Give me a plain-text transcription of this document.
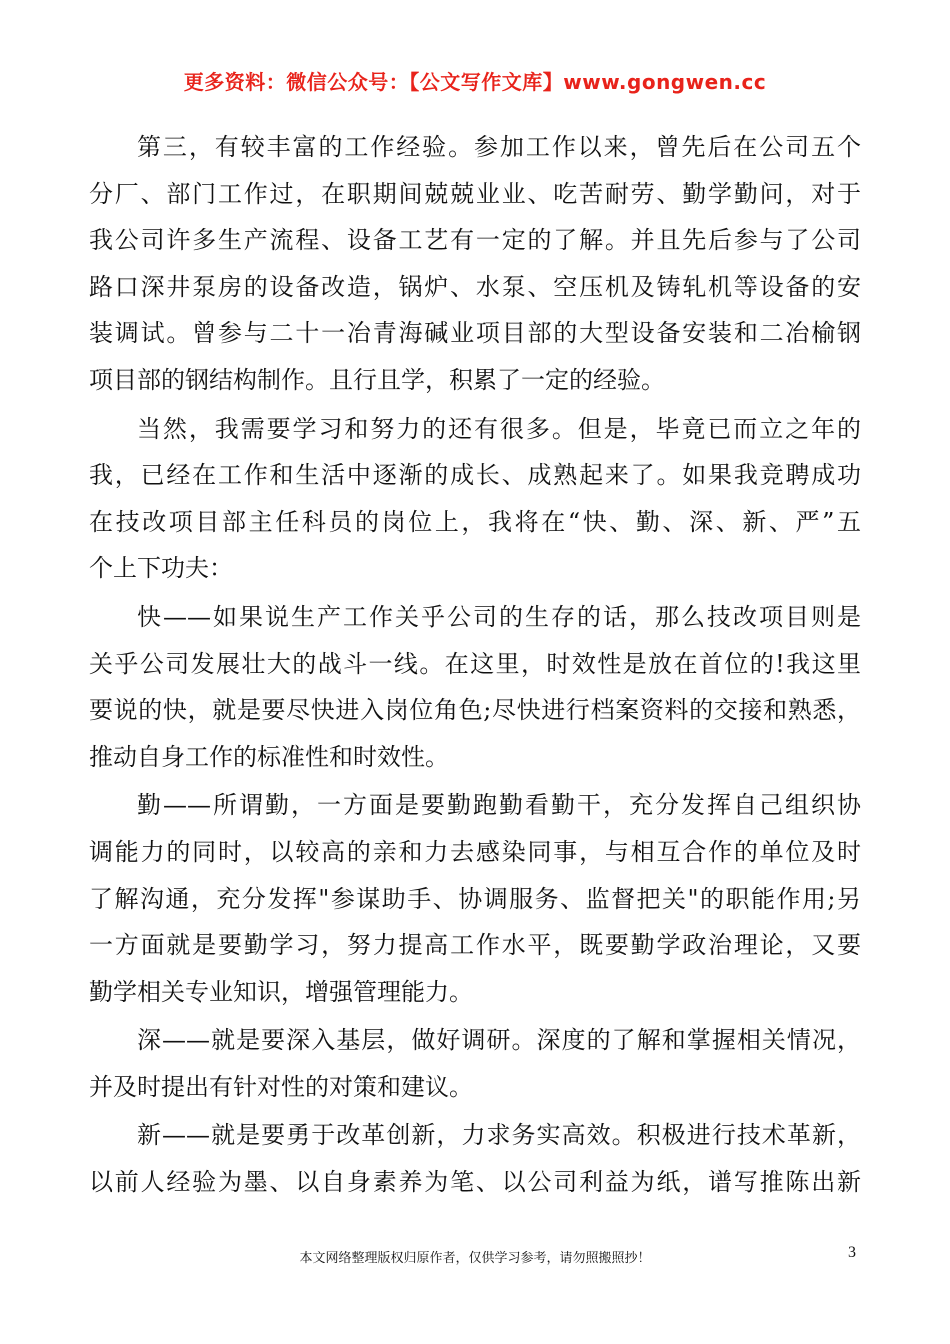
更多资料：微信公众号：【公文写作文库】www.gongwen.cc
第三，有较丰富的工作经验。参加工作以来，曾先后在公司五个
分厂、部门工作过，在职期间兢兢业业、吃苦耐劳、勤学勤问，对于
我公司许多生产流程、设备工艺有一定的了解。并且先后参与了公司
路口深井泵房的设备改造，锅炉、水泵、空压机及铸轧机等设备的安
装调试。曾参与二十一冶青海碱业项目部的大型设备安装和二冶榆钢
项目部的钢结构制作。且行且学，积累了一定的经验。
当然，我需要学习和努力的还有很多。但是，毕竟已而立之年的
我，已经在工作和生活中逐渐的成长、成熟起来了。如果我竞聘成功
在技改项目部主任科员的岗位上，我将在“快、勤、深、新、严”五
个上下功夫：
快——如果说生产工作关乎公司的生存的话，那么技改项目则是
关乎公司发展壮大的战斗一线。在这里，时效性是放在首位的!我这里
要说的快，就是要尽快进入岗位角色;尽快进行档案资料的交接和熟悉，
推动自身工作的标准性和时效性。
勤——所谓勤，一方面是要勤跑勤看勤干，充分发挥自己组织协
调能力的同时，以较高的亲和力去感染同事，与相互合作的单位及时
了解沟通，充分发挥"参谋助手、协调服务、监督把关"的职能作用;另
一方面就是要勤学习，努力提高工作水平，既要勤学政治理论，又要
勤学相关专业知识，增强管理能力。
深——就是要深入基层，做好调研。深度的了解和掌握相关情况，
并及时提出有针对性的对策和建议。
新——就是要勇于改革创新，力求务实高效。积极进行技术革新，
以前人经验为墨、以自身素养为笔、以公司利益为纸，谱写推陈出新
本文网络整理版权归原作者，仅供学习参考，请勿照搬照抄！	3
